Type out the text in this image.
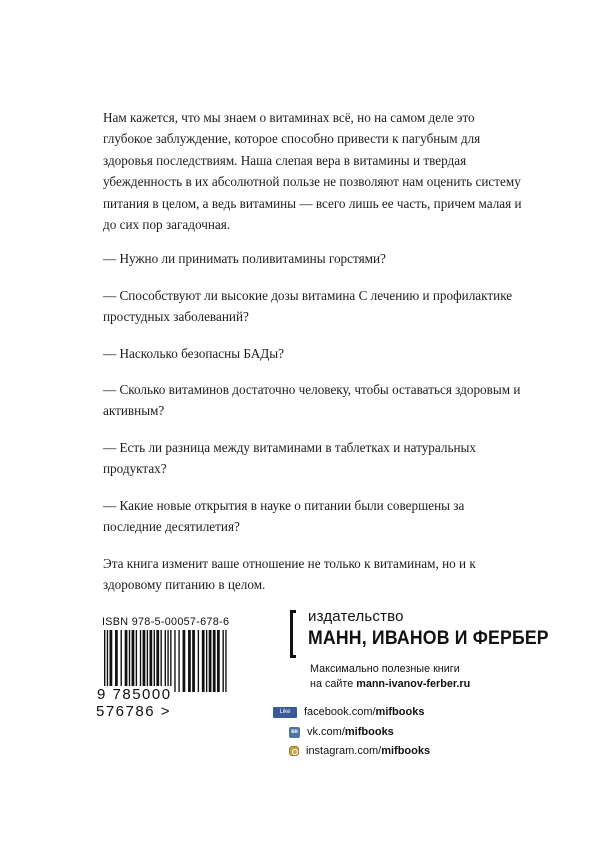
Нам кажется, что мы знаем о витаминах всё, но на самом деле это глубокое заблуждение, которое способно привести к пагубным для здоровья последствиям. Наша слепая вера в витамины и твердая убежденность в их абсолютной пользе не позволяют нам оценить систему питания в целом, а ведь витамины — всего лишь ее часть, причем малая и до сих пор загадочная.

— Нужно ли принимать поливитамины горстями?

— Способствуют ли высокие дозы витамина С лечению и профилактике простудных заболеваний?

— Насколько безопасны БАДы?

— Сколько витаминов достаточно человеку, чтобы оставаться здоровым и активным?

— Есть ли разница между витаминами в таблетках и натуральных продуктах?

— Какие новые открытия в науке о питании были совершены за последние десятилетия?

Эта книга изменит ваше отношение не только к витаминам, но и к здоровому питанию в целом.

ISBN 978-5-00057-678-6
9 785000 576786 >
издательство
МАНН, ИВАНОВ И ФЕРБЕР
Максимально полезные книги
на сайте mann-ivanov-ferber.ru
Like	facebook.com/ mifbooks
вк vk.com/ mifbooks
instagram.com/ mifbooks
